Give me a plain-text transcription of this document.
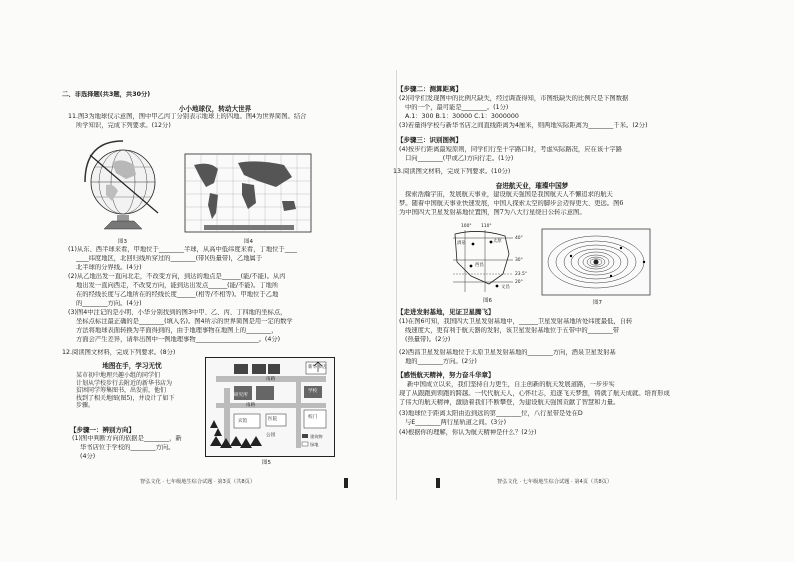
二、非选择题(共3题，共30分)
小小地球仪，转动大世界
11.图3为地球仪示意图，图中甲乙丙丁分别表示地球上的四地。图4为世界简图。结合
所学知识，完成下列要求。(12分)
图3	图4
(1)从东、西半球来看，甲地位于________半球，从高中低纬度来看，丁地位于____
____纬度地区，北回归线所穿过的________(带)(热量带)，乙地属于
北半球的分界线。(4分)
(2)从乙地出发一直向北走，不改变方向，到达的地点是______(能/不能)。从丙
地出发一直向西走，不改变方向，能到达出发点______(能/不能)。丁地所
在的经线长度与乙地所在的经线长度______(相等/不相等)。甲地位于乙地
的________方向。(4分)
(3)图4中注记的是小明、小华分别找到的图3中甲、乙、丙、丁四地的坐标点，
坐标点标注最正确的是________(填入名)。图4所示的世界简图是用一定的数学
方法将地球表面转换为平面得到的，由于地理事物在地图上的________，
方面会产生差异，请举出图中一例地理事物____________________。(4分)
12.阅读图文材料，完成下列要求。(8分)
地图在手，学习无忧
某市初中地理兴趣小组的同学们
计划从学校步行去附近的新华书店为
贫困同学筹集图书，出发前，他们
找到了相关地图(图5)，并设计了如下
步骤。
【步骤一：辨别方向】
(1)图中判断方向的依据是________，新
华书店位于学校的________方向。
(4分)
新华书店
南路
南路
研究所
学校
校门
医院
宾馆
公园	建筑物
绿地
图5
智弘文化 · 七年级地生综合试题 · 第3页（共8页）
【步骤二：测算距离】
(2)同学们发现图中的比例尺缺失，经过调查得知，市图纸缺失的比例尺是下图数据
中的一个，最可能是________。(1分)
A.1：300 B.1：30000 C.1：3000000
(3)若量得学校与新华书店之间直线距离为4厘米，则两地实际距离为________千米。(2分)
【步骤三：识别图例】
(4)按步行距离最短原则，同学们行至十字路口时，考虑实际路况，应在该十字路
口向________(甲或乙)方向行走。(1分)
13.阅读图文材料，完成下列要求。(10分)
奋进航天业，璀璨中国梦
探索浩瀚宇宙，发展航天事业，建设航天强国是我国航天人不懈追求的航天
梦。随着中国航天事业快速发展，中国人探索太空的脚步会迈得更大、更远。图6
为中国四大卫星发射基地位置图，图7为八大行星绕日公转示意图。
100° 110°
40°
30°
23.5°
20°
酒泉	太原
西昌
文昌
图6	图7
【走进发射基地，见证卫星腾飞】
(1)在图6可知，我国四大卫星发射基地中，______卫星发射基地所处纬度最低，自转
线速度大，更有利于航天器的发射，该卫星发射基地位于五带中的________带
(热量带)。(2分)
(2)西昌卫星发射基地位于太原卫星发射基地的________方向，酒泉卫星发射基
地的________方向。(2分)
【感悟航天精神，努力奋斗华章】
新中国成立以来，我们坚持自力更生，自主创新的航天发展道路，一步步实
现了从跟跑到领跑的跨越。一代代航天人，心怀壮志，追逐飞天梦想，铸就了航天成就。培育形成
了伟大的航天精神，激励着我们不断攀登，为建设航天强国贡献了智慧和力量。
(3)地球位于距离太阳由近到远的第________位，八行星带是处在D
与E________两行星轨道之间。(3分)
(4)根据你的理解，你认为航天精神是什么？(2分)
智弘文化 · 七年级地生综合试题 · 第4页（共8页）
